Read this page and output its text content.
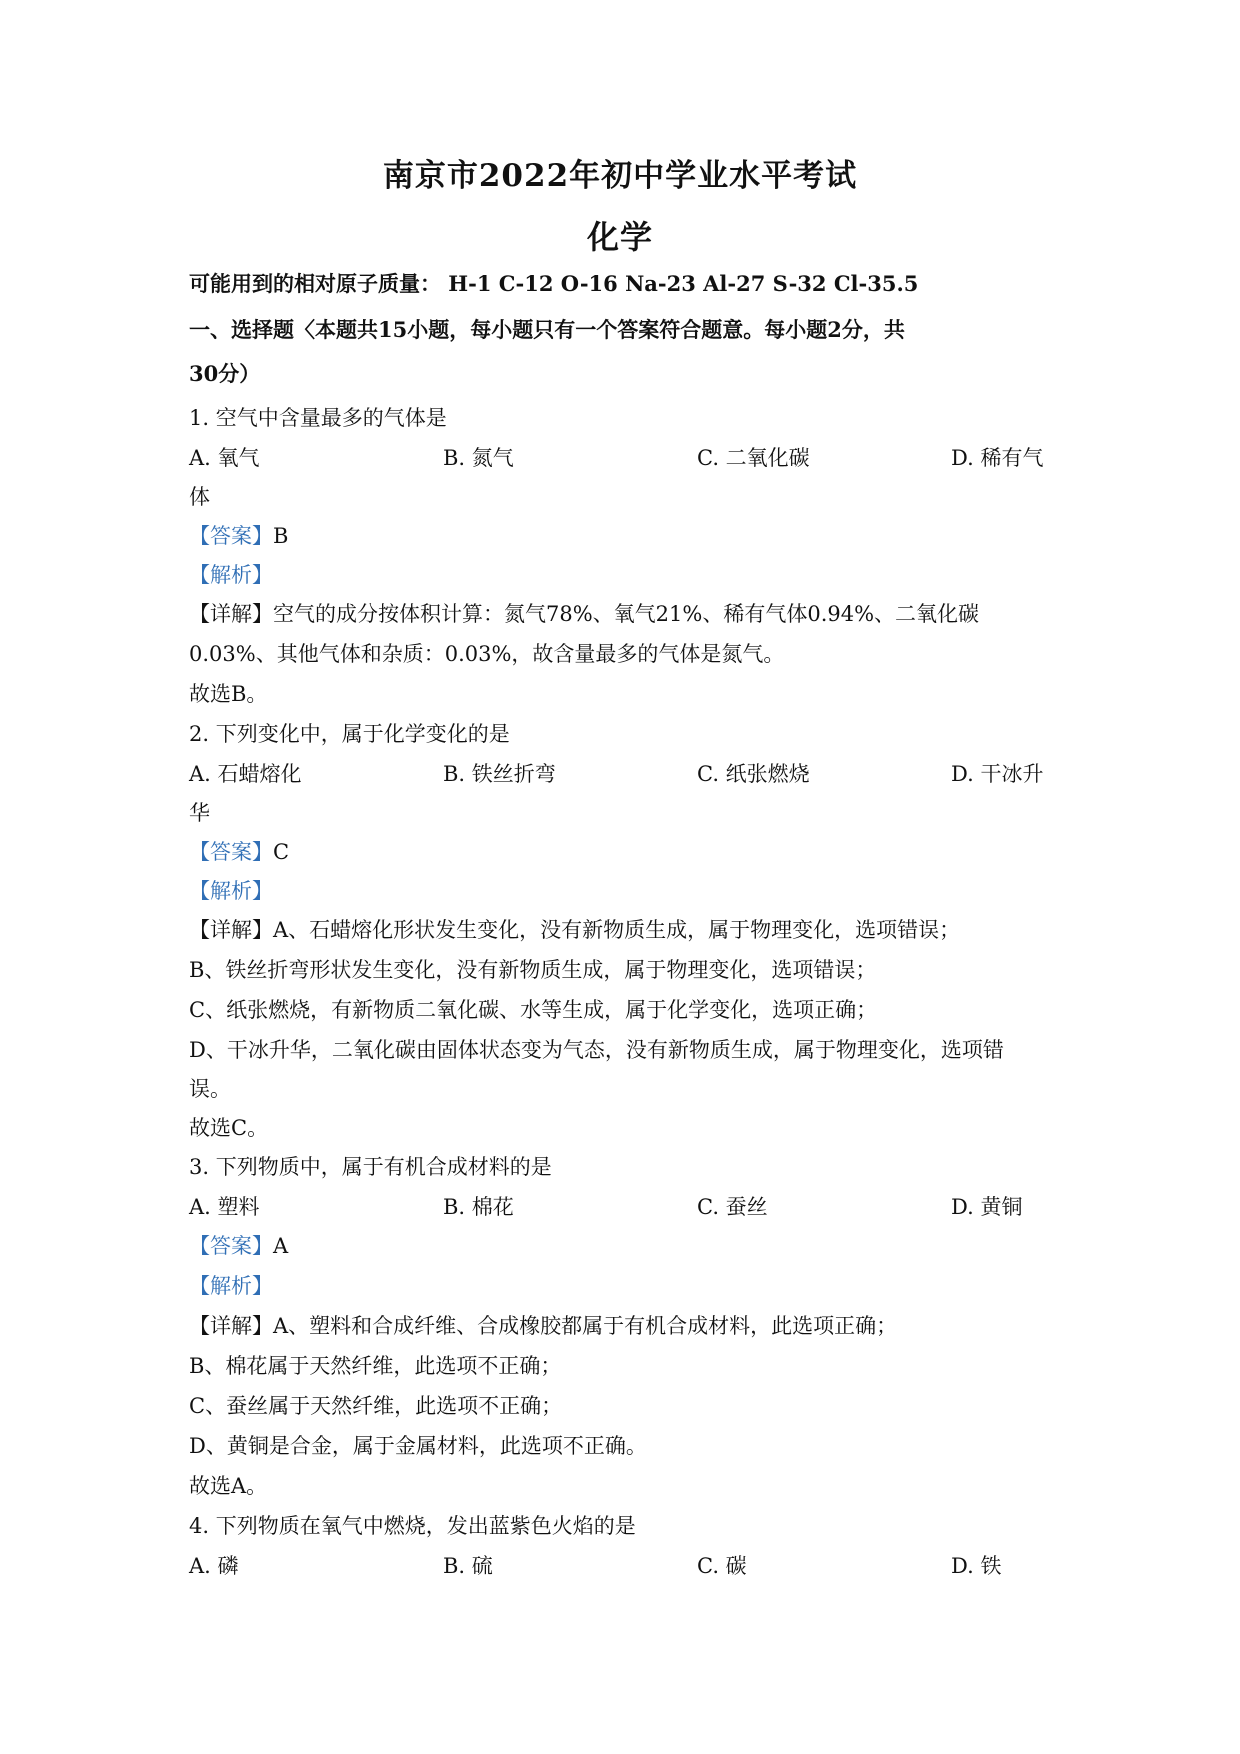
南京市2022年初中学业水平考试
化学
可能用到的相对原子质量： H-1 C-12 O-16 Na-23 Al-27 S-32 Cl-35.5
一、选择题〈本题共15小题，每小题只有一个答案符合题意。每小题2分，共
30分）
1. 空气中含量最多的气体是
A. 氧气	B. 氮气	C. 二氧化碳	D. 稀有气
体
【答案】B
【解析】
【详解】空气的成分按体积计算：氮气78%、氧气21%、稀有气体0.94%、二氧化碳
0.03%、其他气体和杂质：0.03%，故含量最多的气体是氮气。
故选B。
2. 下列变化中，属于化学变化的是
A. 石蜡熔化	B. 铁丝折弯	C. 纸张燃烧	D. 干冰升
华
【答案】C
【解析】
【详解】A、石蜡熔化形状发生变化，没有新物质生成，属于物理变化，选项错误；
B、铁丝折弯形状发生变化，没有新物质生成，属于物理变化，选项错误；
C、纸张燃烧，有新物质二氧化碳、水等生成，属于化学变化，选项正确；
D、干冰升华，二氧化碳由固体状态变为气态，没有新物质生成，属于物理变化，选项错
误。
故选C。
3. 下列物质中，属于有机合成材料的是
A. 塑料	B. 棉花	C. 蚕丝	D. 黄铜
【答案】A
【解析】
【详解】A、塑料和合成纤维、合成橡胶都属于有机合成材料，此选项正确；
B、棉花属于天然纤维，此选项不正确；
C、蚕丝属于天然纤维，此选项不正确；
D、黄铜是合金，属于金属材料，此选项不正确。
故选A。
4. 下列物质在氧气中燃烧，发出蓝紫色火焰的是
A. 磷	B. 硫	C. 碳	D. 铁
